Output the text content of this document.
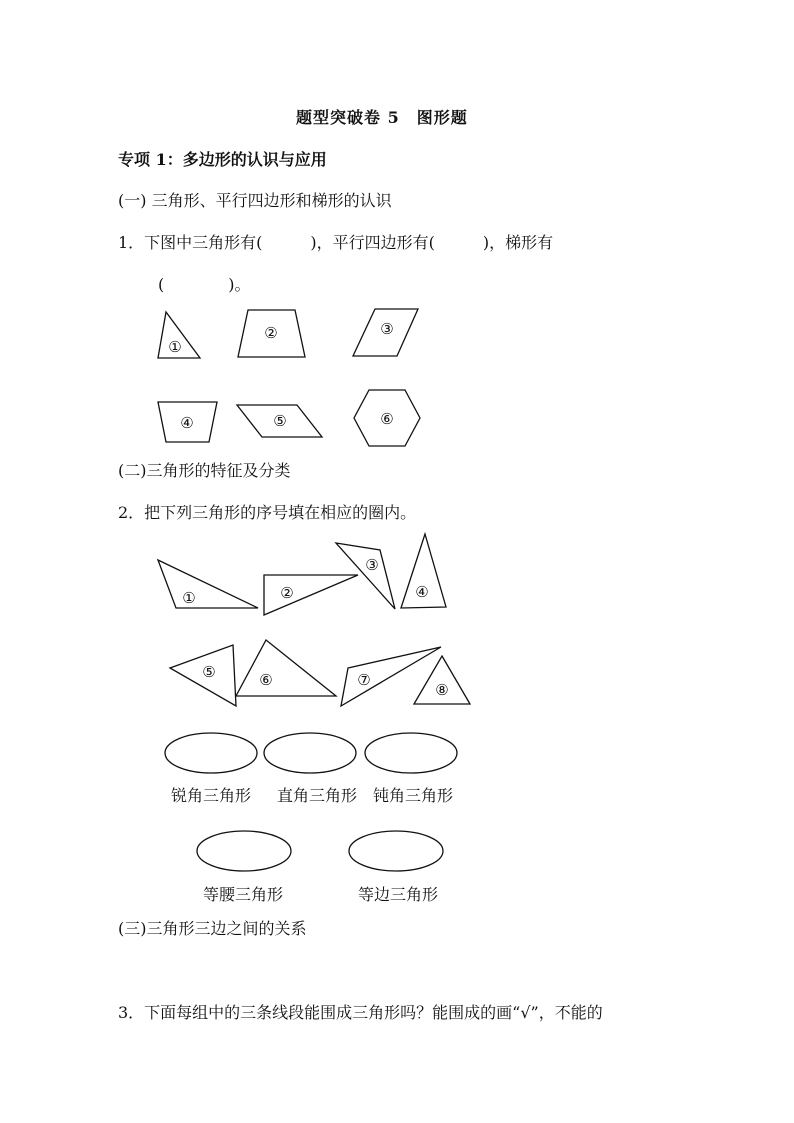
题型突破卷 5　图形题
专项 1：多边形的认识与应用
(一) 三角形、平行四边形和梯形的认识
1．下图中三角形有(　　　)，平行四边形有(　　　)，梯形有
(　　　　)。
①
②	③
④	⑤	⑥
(二)三角形的特征及分类
2．把下列三角形的序号填在相应的圈内。
①	②
③
④
⑤	⑥	⑦
⑧
锐角三角形 直角三角形 钝角三角形
等腰三角形	等边三角形
(三)三角形三边之间的关系
3．下面每组中的三条线段能围成三角形吗？能围成的画“√”，不能的
